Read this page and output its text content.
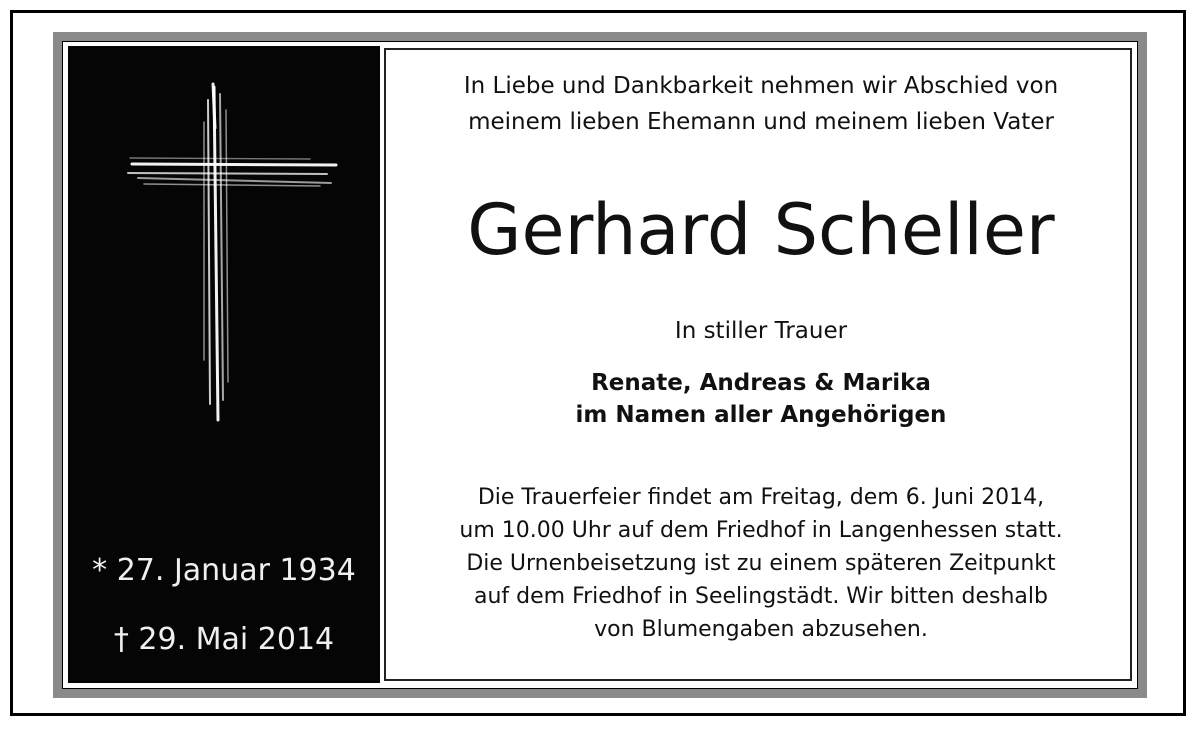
* 27. Januar 1934
† 29. Mai 2014
In Liebe und Dankbarkeit nehmen wir Abschied von
meinem lieben Ehemann und meinem lieben Vater
Gerhard Scheller
In stiller Trauer
Renate, Andreas & Marika
im Namen aller Angehörigen
Die Trauerfeier findet am Freitag, dem 6. Juni 2014,
um 10.00 Uhr auf dem Friedhof in Langenhessen statt.
Die Urnenbeisetzung ist zu einem späteren Zeitpunkt
auf dem Friedhof in Seelingstädt. Wir bitten deshalb
von Blumengaben abzusehen.
